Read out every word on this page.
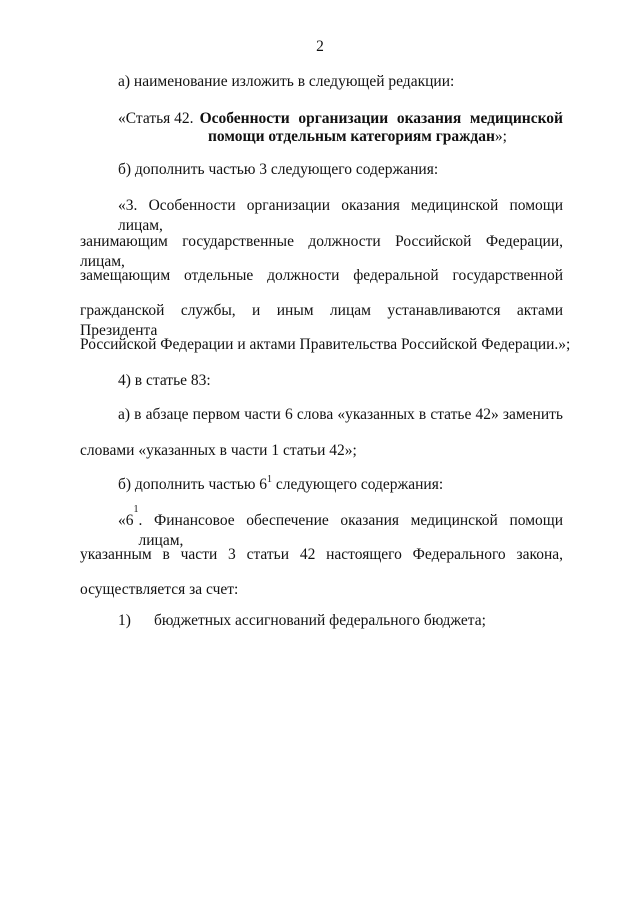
2
а) наименование изложить в следующей редакции:
«Статья 42. Особенности организации оказания медицинской
помощи отдельным категориям граждан»;
б) дополнить частью 3 следующего содержания:
«3. Особенности организации оказания медицинской помощи лицам,
занимающим государственные должности Российской Федерации, лицам,
замещающим отдельные должности федеральной государственной
гражданской службы, и иным лицам устанавливаются актами Президента
Российской Федерации и актами Правительства Российской Федерации.»;
4) в статье 83:
а) в абзаце первом части 6 слова «указанных в статье 42» заменить
словами «указанных в части 1 статьи 42»;
б) дополнить частью $6^1$ следующего содержания:
«6
$^1$
. Финансовое обеспечение оказания медицинской помощи лицам,
указанным в части 3 статьи 42 настоящего Федерального закона,
осуществляется за счет:
1) бюджетных ассигнований федерального бюджета;
